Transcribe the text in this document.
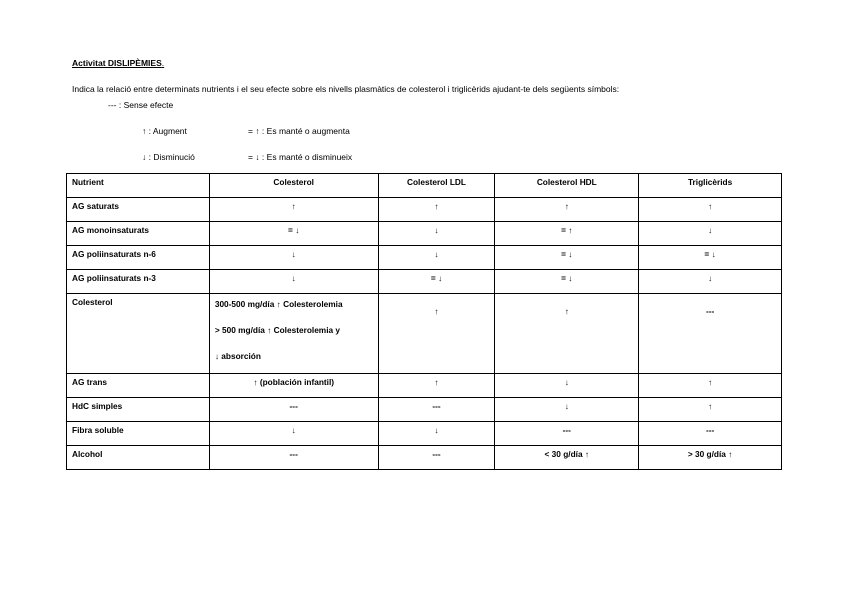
Activitat DISLIPÈMIES.
Indica la relació entre determinats nutrients i el seu efecte sobre els nivells plasmàtics de colesterol i triglicèrids ajudant-te dels següents símbols:
--- : Sense efecte
↑ : Augment	= ↑ : Es manté o augmenta
↓ : Disminució	= ↓ : Es manté o disminueix
Nutrient	Colesterol	Colesterol LDL	Colesterol HDL	Triglicèrids
AG saturats	↑	↑	↑	↑
AG monoinsaturats	= ↓	↓	= ↑	↓
AG poliinsaturats n-6	↓	↓	= ↓	= ↓
AG poliinsaturats n-3	↓	= ↓	= ↓	↓
Colesterol	300-500 mg/día ↑ Colesterolemia
> 500 mg/día ↑ Colesterolemia y
↓ absorción	↑	↑	---
AG trans	↑ (población infantil)	↑	↓	↑
HdC simples	---	---	↓	↑
Fibra soluble	↓	↓	---	---
Alcohol	---	---	< 30 g/día ↑	> 30 g/día ↑
